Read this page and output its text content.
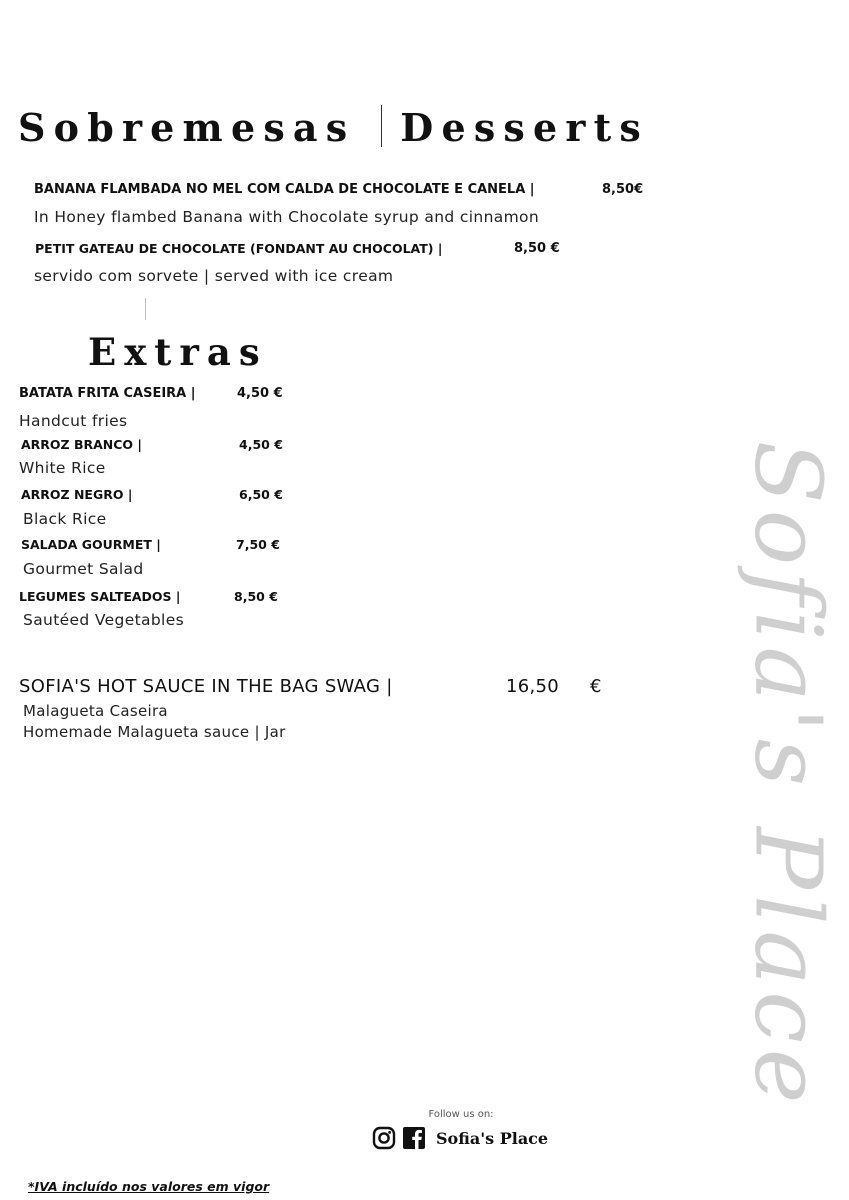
Sobremesas Desserts
BANANA FLAMBADA NO MEL COM CALDA DE CHOCOLATE E CANELA |	8,50€
In Honey flambed Banana with Chocolate syrup and cinnamon
PETIT GATEAU DE CHOCOLATE (FONDANT AU CHOCOLAT) |	8,50 €
servido com sorvete | served with ice cream
Extras
BATATA FRITA CASEIRA |	4,50 €
Handcut fries
ARROZ BRANCO |	4,50 €
White Rice
ARROZ NEGRO |	6,50 €
Black Rice
SALADA GOURMET |	7,50 €
Gourmet Salad
LEGUMES SALTEADOS |	8,50 €
Sautéed Vegetables
SOFIA'S HOT SAUCE IN THE BAG SWAG |	16,50 €
Malagueta Caseira
Homemade Malagueta sauce | Jar	Sofia's Place
Follow us on:
Sofia's Place
*IVA incluído nos valores em vigor
